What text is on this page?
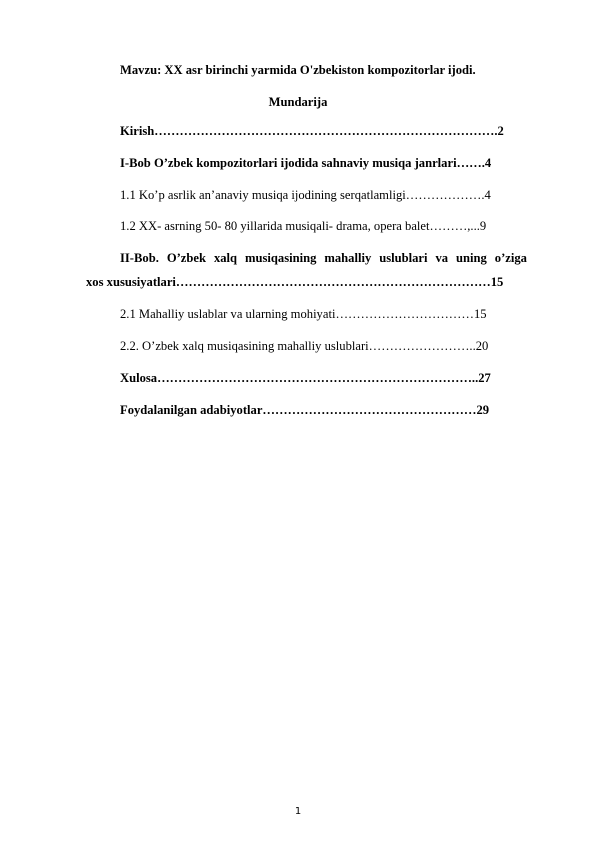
Mavzu: XX asr birinchi yarmida O'zbekiston kompozitorlar ijodi.
Mundarija
Kirish……………………………………………………………………….2
I-Bob O’zbek kompozitorlari ijodida sahnaviy musiqa janrlari…….4
1.1 Ko’p asrlik an’anaviy musiqa ijodining serqatlamligi……………….4
1.2 XX- asrning 50- 80 yillarida musiqali- drama, opera balet………,...9
II-Bob. O’zbek xalq musiqasining mahalliy uslublari va uning o’ziga
xos xususiyatlari…………………………………………………………………15
2.1 Mahalliy uslablar va ularning mohiyati……………………………15
2.2. O’zbek xalq musiqasining mahalliy uslublari……………………..20
Xulosa…………………………………………………………………..27
Foydalanilgan adabiyotlar……………………………………………29
1
